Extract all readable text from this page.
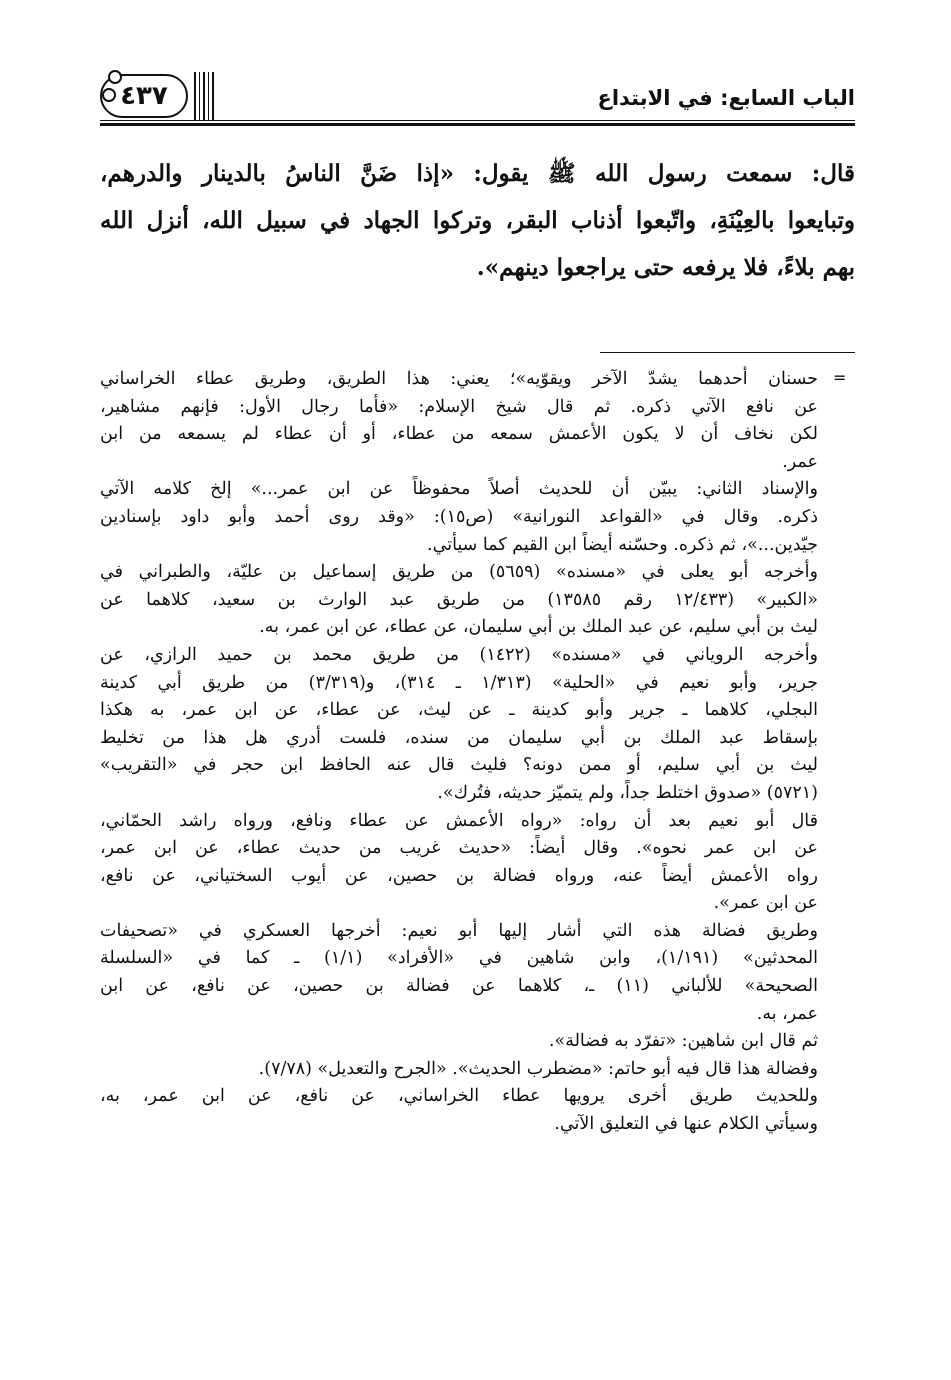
٤٣٧	الباب السابع: في الابتداع
قال: سمعت رسول الله ﷺ يقول: «إذا ضَنَّ الناسُ بالدينار والدرهم،
وتبايعوا بالعِيْنَةِ، واتّبعوا أذناب البقر، وتركوا الجهاد في سبيل الله، أنزل الله
بهم بلاءً، فلا يرفعه حتى يراجعوا دينهم».
=
حسنان أحدهما يشدّ الآخر ويقوّيه»؛ يعني: هذا الطريق، وطريق عطاء الخراساني
عن نافع الآتي ذكره. ثم قال شيخ الإسلام: «فأما رجال الأول: فإنهم مشاهير،
لكن نخاف أن لا يكون الأعمش سمعه من عطاء، أو أن عطاء لم يسمعه من ابن
عمر.
والإسناد الثاني: يبيّن أن للحديث أصلاً محفوظاً عن ابن عمر...» إلخ كلامه الآتي
ذكره. وقال في «القواعد النورانية» (ص١٥): «وقد روى أحمد وأبو داود بإسنادين
جيّدين...»، ثم ذكره. وحسّنه أيضاً ابن القيم كما سيأتي.
وأخرجه أبو يعلى في «مسنده» (٥٦٥٩) من طريق إسماعيل بن عليّة، والطبراني في
«الكبير» (١٢/٤٣٣ رقم ١٣٥٨٥) من طريق عبد الوارث بن سعيد، كلاهما عن
ليث بن أبي سليم، عن عبد الملك بن أبي سليمان، عن عطاء، عن ابن عمر، به.
وأخرجه الروياني في «مسنده» (١٤٢٢) من طريق محمد بن حميد الرازي، عن
جرير، وأبو نعيم في «الحلية» (١/٣١٣ ـ ٣١٤)، و(٣/٣١٩) من طريق أبي كدينة
البجلي، كلاهما ـ جرير وأبو كدينة ـ عن ليث، عن عطاء، عن ابن عمر، به هكذا
بإسقاط عبد الملك بن أبي سليمان من سنده، فلست أدري هل هذا من تخليط
ليث بن أبي سليم، أو ممن دونه؟ فليث قال عنه الحافظ ابن حجر في «التقريب»
(٥٧٢١) «صدوق اختلط جداً، ولم يتميّز حديثه، فتُرك».
قال أبو نعيم بعد أن رواه: «رواه الأعمش عن عطاء ونافع، ورواه راشد الحمّاني،
عن ابن عمر نحوه». وقال أيضاً: «حديث غريب من حديث عطاء، عن ابن عمر،
رواه الأعمش أيضاً عنه، ورواه فضالة بن حصين، عن أيوب السختياني، عن نافع،
عن ابن عمر».
وطريق فضالة هذه التي أشار إليها أبو نعيم: أخرجها العسكري في «تصحيفات
المحدثين» (١/١٩١)، وابن شاهين في «الأفراد» (١/١) ـ كما في «السلسلة
الصحيحة» للألباني (١١) ـ، كلاهما عن فضالة بن حصين، عن نافع، عن ابن
عمر، به.
ثم قال ابن شاهين: «تفرّد به فضالة».
وفضالة هذا قال فيه أبو حاتم: «مضطرب الحديث». «الجرح والتعديل» (٧/٧٨).
وللحديث طريق أخرى يرويها عطاء الخراساني، عن نافع، عن ابن عمر، به،
وسيأتي الكلام عنها في التعليق الآتي.
